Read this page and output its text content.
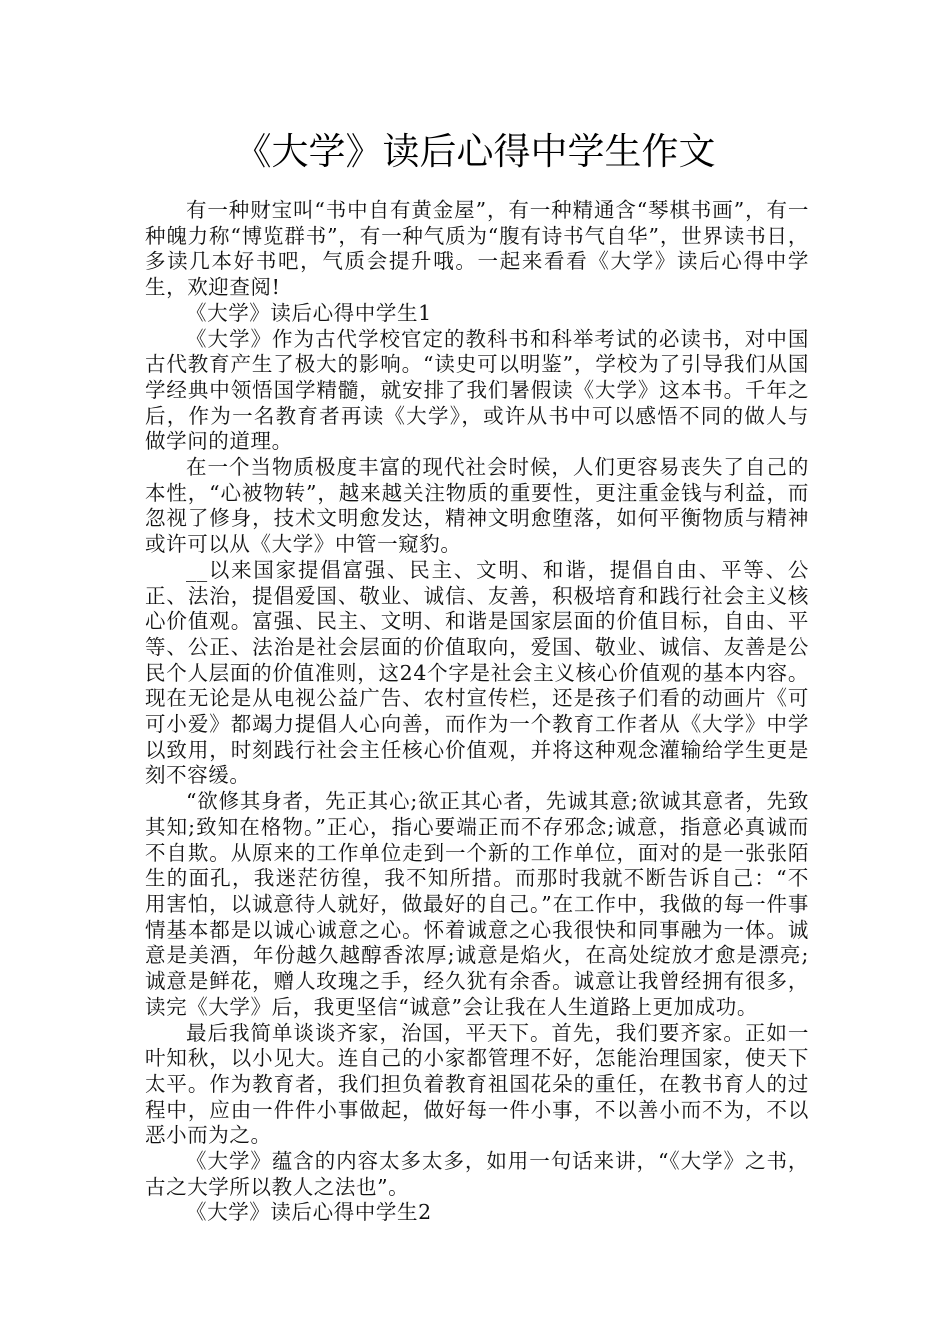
《大学》读后心得中学生作文

有一种财宝叫“书中自有黄金屋”，有一种精通含“琴棋书画”，有一种魄力称“博览群书”，有一种气质为“腹有诗书气自华”，世界读书日，多读几本好书吧，气质会提升哦。一起来看看《大学》读后心得中学生，欢迎查阅!

《大学》读后心得中学生1

《大学》作为古代学校官定的教科书和科举考试的必读书，对中国古代教育产生了极大的影响。“读史可以明鉴”，学校为了引导我们从国学经典中领悟国学精髓，就安排了我们暑假读《大学》这本书。千年之后，作为一名教育者再读《大学》，或许从书中可以感悟不同的做人与做学问的道理。

在一个当物质极度丰富的现代社会时候，人们更容易丧失了自己的本性，“心被物转”，越来越关注物质的重要性，更注重金钱与利益，而忽视了修身，技术文明愈发达，精神文明愈堕落，如何平衡物质与精神或许可以从《大学》中管一窥豹。

__以来国家提倡富强、民主、文明、和谐，提倡自由、平等、公正、法治，提倡爱国、敬业、诚信、友善，积极培育和践行社会主义核心价值观。富强、民主、文明、和谐是国家层面的价值目标，自由、平等、公正、法治是社会层面的价值取向，爱国、敬业、诚信、友善是公民个人层面的价值准则，这24个字是社会主义核心价值观的基本内容。现在无论是从电视公益广告、农村宣传栏，还是孩子们看的动画片《可可小爱》都竭力提倡人心向善，而作为一个教育工作者从《大学》中学以致用，时刻践行社会主任核心价值观，并将这种观念灌输给学生更是刻不容缓。

“欲修其身者，先正其心;欲正其心者，先诚其意;欲诚其意者，先致其知;致知在格物。”正心，指心要端正而不存邪念;诚意，指意必真诚而不自欺。从原来的工作单位走到一个新的工作单位，面对的是一张张陌生的面孔，我迷茫彷徨，我不知所措。而那时我就不断告诉自己：“不用害怕，以诚意待人就好，做最好的自己。”在工作中，我做的每一件事情基本都是以诚心诚意之心。怀着诚意之心我很快和同事融为一体。诚意是美酒，年份越久越醇香浓厚;诚意是焰火，在高处绽放才愈是漂亮;诚意是鲜花，赠人玫瑰之手，经久犹有余香。诚意让我曾经拥有很多，读完《大学》后，我更坚信“诚意”会让我在人生道路上更加成功。

最后我简单谈谈齐家，治国，平天下。首先，我们要齐家。正如一叶知秋，以小见大。连自己的小家都管理不好，怎能治理国家，使天下太平。作为教育者，我们担负着教育祖国花朵的重任，在教书育人的过程中，应由一件件小事做起，做好每一件小事，不以善小而不为，不以恶小而为之。

《大学》蕴含的内容太多太多，如用一句话来讲，“《大学》之书，古之大学所以教人之法也”。

《大学》读后心得中学生2
